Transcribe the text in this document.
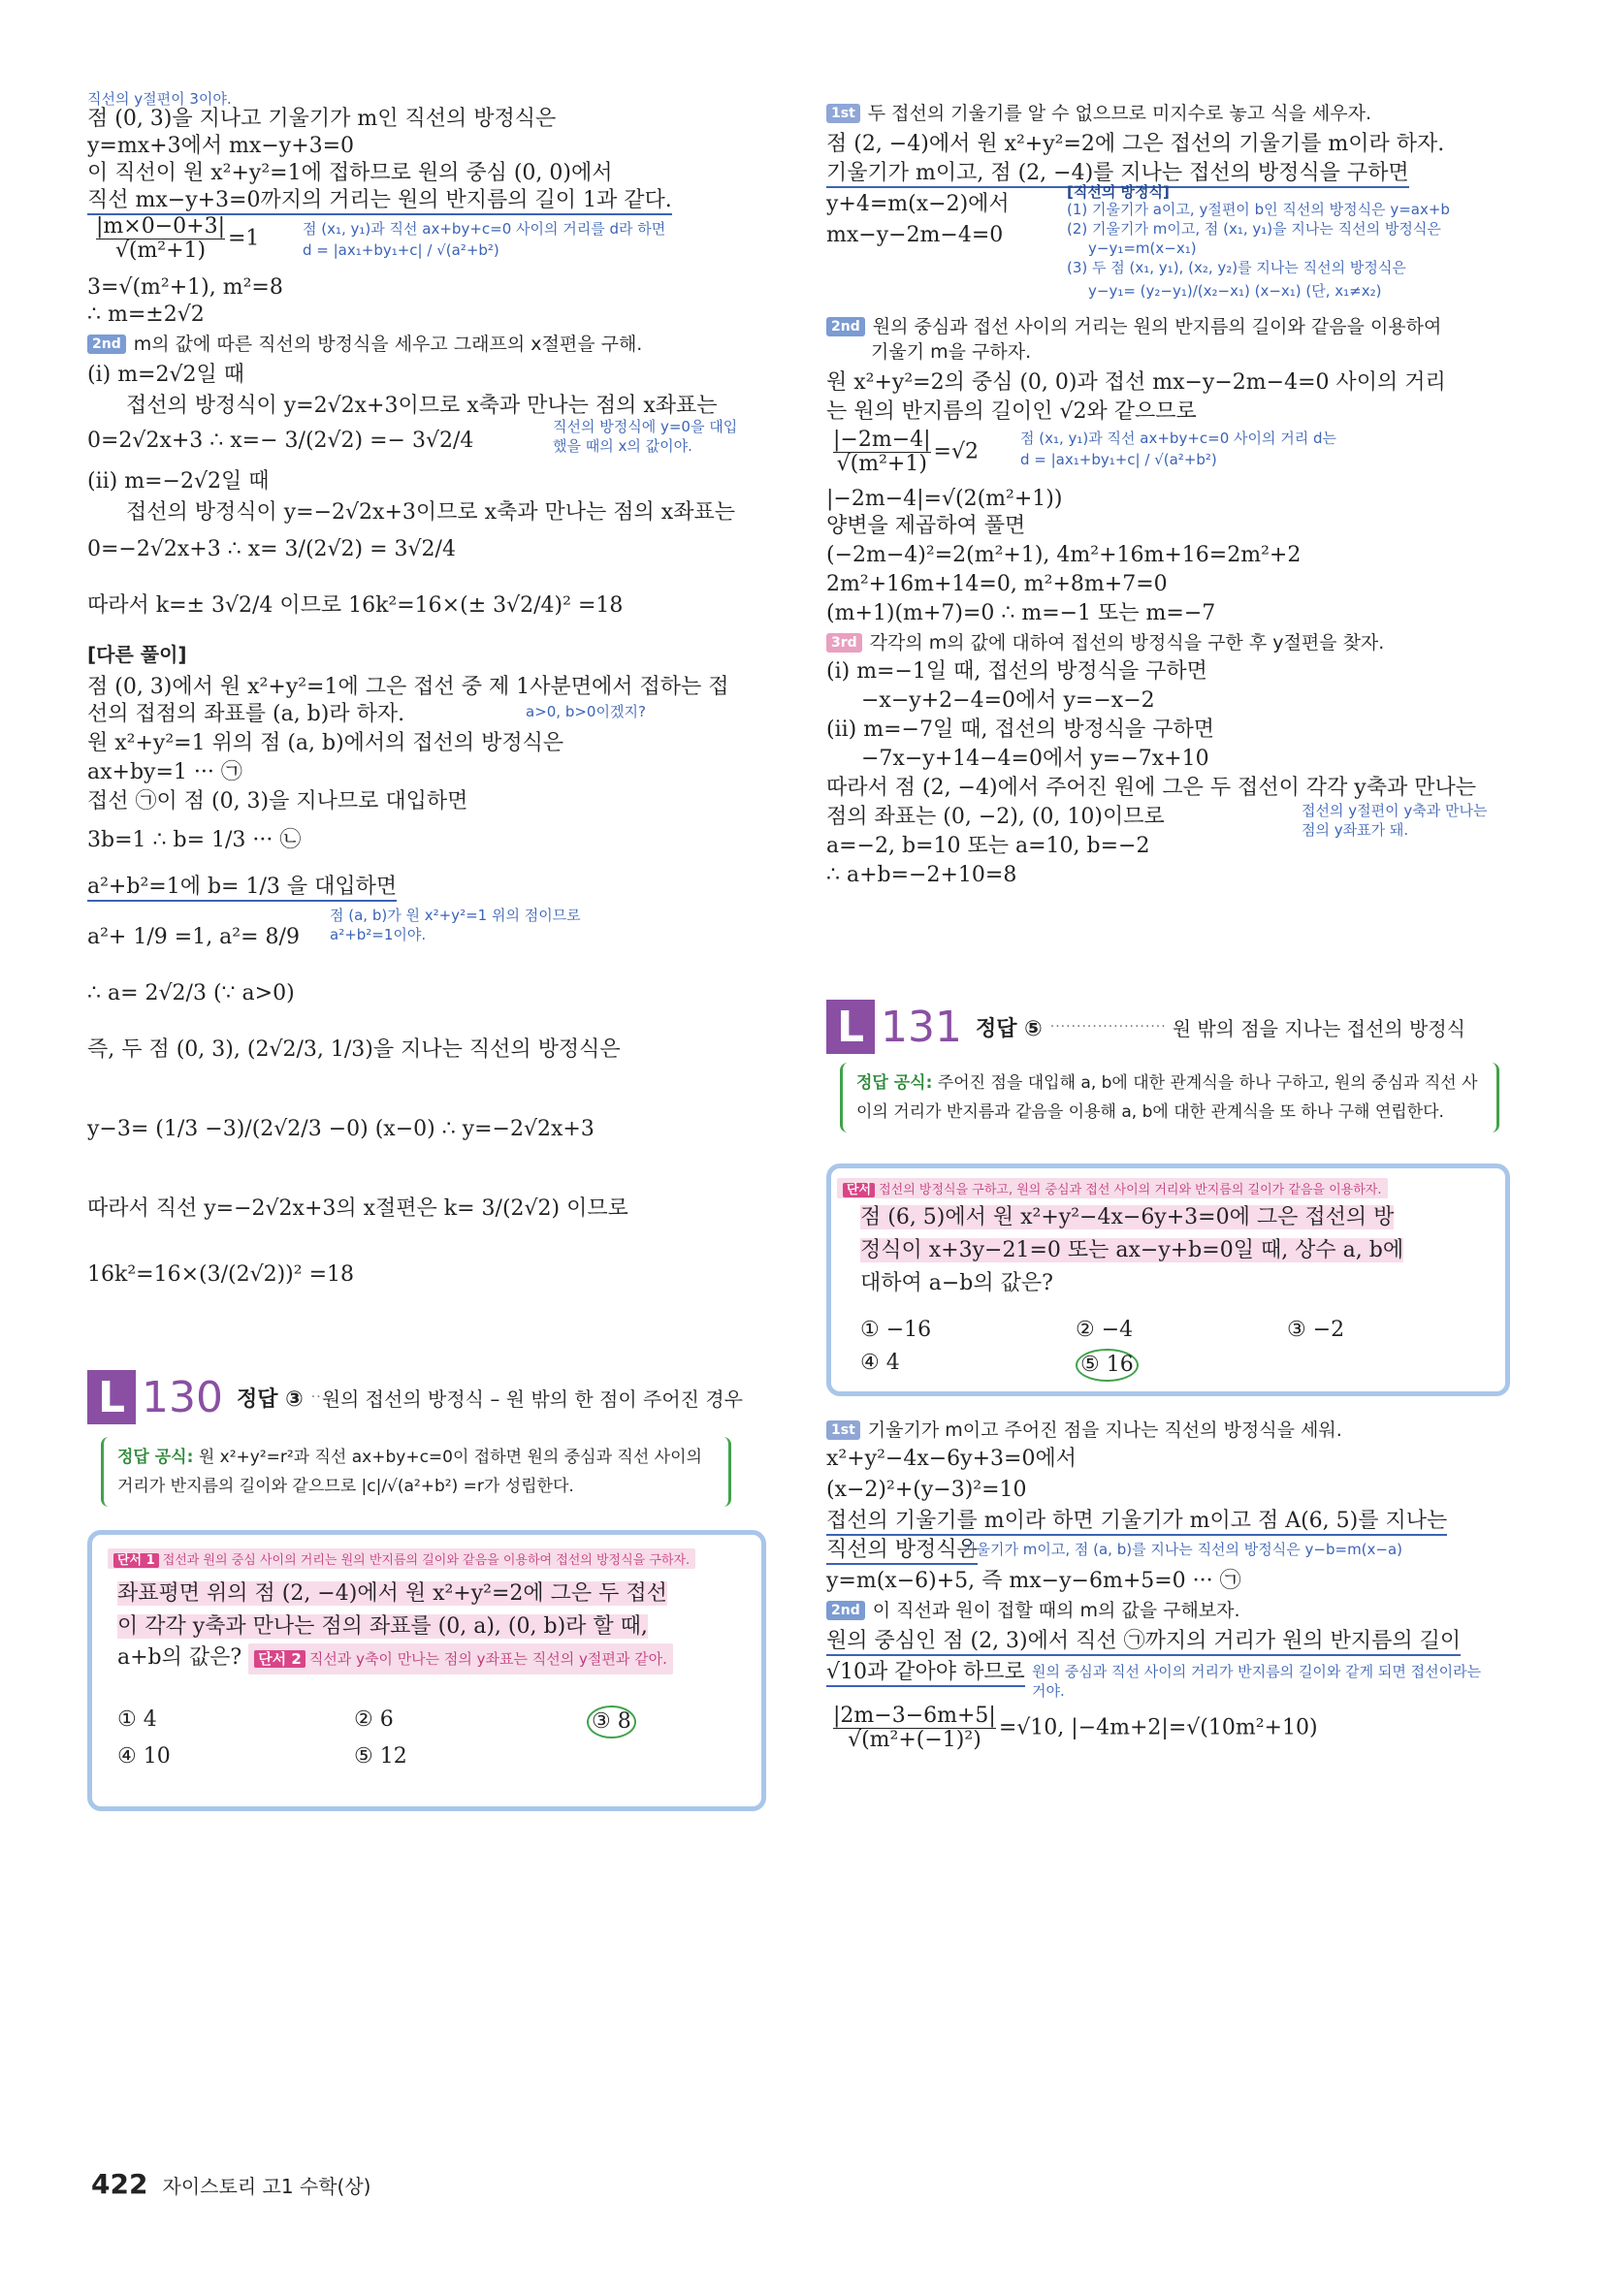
직선의 y절편이 3이야.
점 (0, 3)을 지나고 기울기가 m인 직선의 방정식은
y=mx+3에서 mx−y+3=0
이 직선이 원 x²+y²=1에 접하므로 원의 중심 (0, 0)에서
직선 mx−y+3=0까지의 거리는 원의 반지름의 길이 1과 같다.
$\frac{|m\times 0-0+3|}{\text{√(m²+1)}} =1$	점 (x₁, y₁)과 직선 ax+by+c=0 사이의 거리를 d라 하면
d = |ax₁+by₁+c| / √(a²+b²)
3=√(m²+1), m²=8
∴ m=±2√2
2nd m의 값에 따른 직선의 방정식을 세우고 그래프의 x절편을 구해.
(ⅰ) m=2√2일 때
접선의 방정식이 y=2√2x+3이므로 x축과 만나는 점의 x좌표는
0=2√2x+3 ∴ x=− 3/(2√2) =− 3√2/4
직선의 방정식에 y=0을 대입했을 때의 x의 값이야.
(ⅱ) m=−2√2일 때
접선의 방정식이 y=−2√2x+3이므로 x축과 만나는 점의 x좌표는
0=−2√2x+3 ∴ x= 3/(2√2) = 3√2/4
따라서 k=± 3√2/4 이므로 16k²=16×(± 3√2/4)² =18
[다른 풀이]
점 (0, 3)에서 원 x²+y²=1에 그은 접선 중 제 1사분면에서 접하는 접
선의 접점의 좌표를 (a, b)라 하자.	a>0, b>0이겠지?
원 x²+y²=1 위의 점 (a, b)에서의 접선의 방정식은
ax+by=1 ··· ㉠
접선 ㉠이 점 (0, 3)을 지나므로 대입하면
3b=1 ∴ b= 1/3 ··· ㉡
a²+b²=1에 b= 1/3 을 대입하면
점 (a, b)가 원 x²+y²=1 위의 점이므로 a²+b²=1이야.
a²+ 1/9 =1, a²= 8/9
∴ a= 2√2/3 (∵ a>0)
즉, 두 점 (0, 3), (2√2/3, 1/3)을 지나는 직선의 방정식은
y−3= (1/3 −3)/(2√2/3 −0) (x−0) ∴ y=−2√2x+3
따라서 직선 y=−2√2x+3의 x절편은 k= 3/(2√2) 이므로
16k²=16×(3/(2√2))² =18
L 130 정답 ③ ·· 원의 접선의 방정식 – 원 밖의 한 점이 주어진 경우
정답 공식: 원 x²+y²=r²과 직선 ax+by+c=0이 접하면 원의 중심과 직선 사이의 거리가 반지름의 길이와 같으므로 |c|/√(a²+b²) =r가 성립한다.
단서 1 접선과 원의 중심 사이의 거리는 원의 반지름의 길이와 같음을 이용하여 접선의 방정식을 구하자.
좌표평면 위의 점 (2, −4)에서 원 x²+y²=2에 그은 두 접선
이 각각 y축과 만나는 점의 좌표를 (0, a), (0, b)라 할 때,
a+b의 값은? 단서 2 직선과 y축이 만나는 점의 y좌표는 직선의 y절편과 같아.
① 4	② 6	③ 8
④ 10	⑤ 12
1st 두 접선의 기울기를 알 수 없으므로 미지수로 놓고 식을 세우자.
점 (2, −4)에서 원 x²+y²=2에 그은 접선의 기울기를 m이라 하자.
기울기가 m이고, 점 (2, −4)를 지나는 접선의 방정식을 구하면
y+4=m(x−2)에서
mx−y−2m−4=0
[직선의 방정식]
(1) 기울기가 a이고, y절편이 b인 직선의 방정식은 y=ax+b
(2) 기울기가 m이고, 점 (x₁, y₁)을 지나는 직선의 방정식은
y−y₁=m(x−x₁)
(3) 두 점 (x₁, y₁), (x₂, y₂)를 지나는 직선의 방정식은
y−y₁= (y₂−y₁)/(x₂−x₁) (x−x₁) (단, x₁≠x₂)
2nd 원의 중심과 접선 사이의 거리는 원의 반지름의 길이와 같음을 이용하여
기울기 m을 구하자.
원 x²+y²=2의 중심 (0, 0)과 접선 mx−y−2m−4=0 사이의 거리
는 원의 반지름의 길이인 √2와 같으므로
$\frac{|-2m-4|}{\text{√(m²+1)}} =√2$
점 (x₁, y₁)과 직선 ax+by+c=0 사이의 거리 d는
d = |ax₁+by₁+c| / √(a²+b²)
|−2m−4|=√(2(m²+1))
양변을 제곱하여 풀면
(−2m−4)²=2(m²+1), 4m²+16m+16=2m²+2
2m²+16m+14=0, m²+8m+7=0
(m+1)(m+7)=0 ∴ m=−1 또는 m=−7
3rd 각각의 m의 값에 대하여 접선의 방정식을 구한 후 y절편을 찾자.
(ⅰ) m=−1일 때, 접선의 방정식을 구하면
−x−y+2−4=0에서 y=−x−2
(ⅱ) m=−7일 때, 접선의 방정식을 구하면
−7x−y+14−4=0에서 y=−7x+10
따라서 점 (2, −4)에서 주어진 원에 그은 두 접선이 각각 y축과 만나는
점의 좌표는 (0, −2), (0, 10)이므로	접선의 y절편이 y축과 만나는 점의 y좌표가 돼.
a=−2, b=10 또는 a=10, b=−2
∴ a+b=−2+10=8
L 131 정답 ⑤ ······················ 원 밖의 점을 지나는 접선의 방정식
정답 공식: 주어진 점을 대입해 a, b에 대한 관계식을 하나 구하고, 원의 중심과 직선 사이의 거리가 반지름과 같음을 이용해 a, b에 대한 관계식을 또 하나 구해 연립한다.
단서 접선의 방정식을 구하고, 원의 중심과 접선 사이의 거리와 반지름의 길이가 같음을 이용하자.
점 (6, 5)에서 원 x²+y²−4x−6y+3=0에 그은 접선의 방
정식이 x+3y−21=0 또는 ax−y+b=0일 때, 상수 a, b에
대하여 a−b의 값은?
① −16	② −4	③ −2
④ 4	⑤ 16
1st 기울기가 m이고 주어진 점을 지나는 직선의 방정식을 세워.
x²+y²−4x−6y+3=0에서
(x−2)²+(y−3)²=10
접선의 기울기를 m이라 하면 기울기가 m이고 점 A(6, 5)를 지나는
직선의 방정식은
기울기가 m이고, 점 (a, b)를 지나는 직선의 방정식은 y−b=m(x−a)
y=m(x−6)+5, 즉 mx−y−6m+5=0 ··· ㉠
2nd 이 직선과 원이 접할 때의 m의 값을 구해보자.
원의 중심인 점 (2, 3)에서 직선 ㉠까지의 거리가 원의 반지름의 길이
√10과 같아야 하므로 원의 중심과 직선 사이의 거리가 반지름의 길이와 같게 되면 접선이라는 거야.
$\frac{|2m-3-6m+5|}{\text{√(m²+(−1)²)}} =√10$, |−4m+2|=√(10m²+10)
422 자이스토리 고1 수학(상)
